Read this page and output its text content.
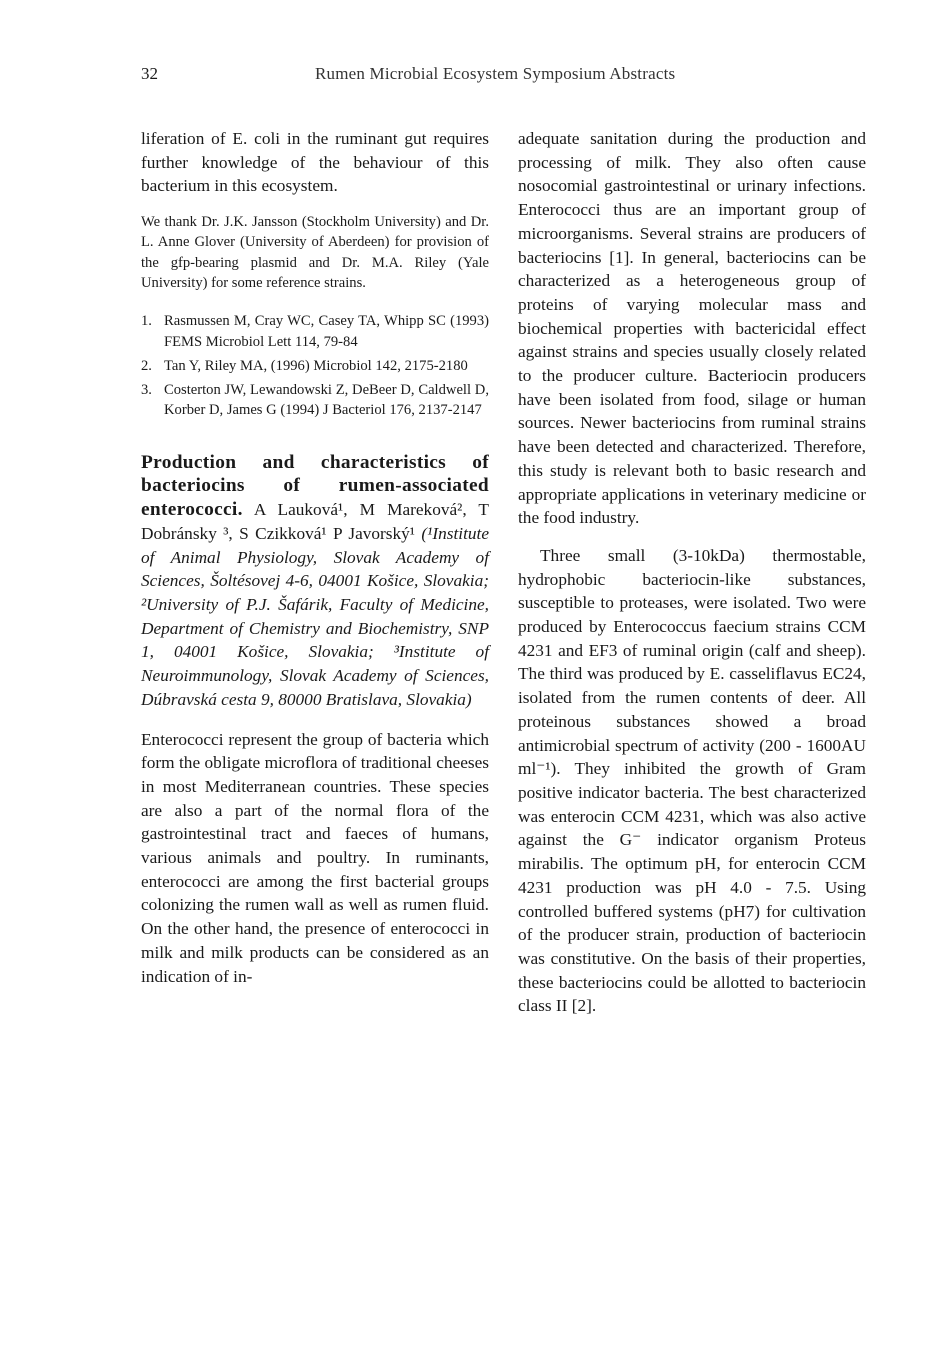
32	Rumen Microbial Ecosystem Symposium Abstracts

liferation of E. coli in the ruminant gut requires further knowledge of the behaviour of this bacterium in this ecosystem.

We thank Dr. J.K. Jansson (Stockholm University) and Dr. L. Anne Glover (University of Aberdeen) for provision of the gfp-bearing plasmid and Dr. M.A. Riley (Yale University) for some reference strains.

1. Rasmussen M, Cray WC, Casey TA, Whipp SC (1993) FEMS Microbiol Lett 114, 79-84
2. Tan Y, Riley MA, (1996) Microbiol 142, 2175-2180
3. Costerton JW, Lewandowski Z, DeBeer D, Caldwell D, Korber D, James G (1994) J Bacteriol 176, 2137-2147

Production and characteristics of bacteriocins of rumen-associated enterococci. A Lauková¹, M Mareková², T Dobránsky ³, S Czikková¹ P Javorský¹ (¹Institute of Animal Physiology, Slovak Academy of Sciences, Šoltésovej 4-6, 04001 Košice, Slovakia; ²University of P.J. Šafárik, Faculty of Medicine, Department of Chemistry and Biochemistry, SNP 1, 04001 Košice, Slovakia; ³Institute of Neuroimmunology, Slovak Academy of Sciences, Dúbravská cesta 9, 80000 Bratislava, Slovakia)

Enterococci represent the group of bacteria which form the obligate microflora of traditional cheeses in most Mediterranean countries. These species are also a part of the normal flora of the gastrointestinal tract and faeces of humans, various animals and poultry. In ruminants, enterococci are among the first bacterial groups colonizing the rumen wall as well as rumen fluid. On the other hand, the presence of enterococci in milk and milk products can be considered as an indication of in-

adequate sanitation during the production and processing of milk. They also often cause nosocomial gastrointestinal or urinary infections. Enterococci thus are an important group of microorganisms. Several strains are producers of bacteriocins [1]. In general, bacteriocins can be characterized as a heterogeneous group of proteins of varying molecular mass and biochemical properties with bactericidal effect against strains and species usually closely related to the producer culture. Bacteriocin producers have been isolated from food, silage or human sources. Newer bacteriocins from ruminal strains have been detected and characterized. Therefore, this study is relevant both to basic research and appropriate applications in veterinary medicine or the food industry.

Three small (3-10kDa) thermostable, hydrophobic bacteriocin-like substances, susceptible to proteases, were isolated. Two were produced by Enterococcus faecium strains CCM 4231 and EF3 of ruminal origin (calf and sheep). The third was produced by E. casseliflavus EC24, isolated from the rumen contents of deer. All proteinous substances showed a broad antimicrobial spectrum of activity (200 - 1600AU ml⁻¹). They inhibited the growth of Gram positive indicator bacteria. The best characterized was enterocin CCM 4231, which was also active against the G⁻ indicator organism Proteus mirabilis. The optimum pH, for enterocin CCM 4231 production was pH 4.0 - 7.5. Using controlled buffered systems (pH7) for cultivation of the producer strain, production of bacteriocin was constitutive. On the basis of their properties, these bacteriocins could be allotted to bacteriocin class II [2].
